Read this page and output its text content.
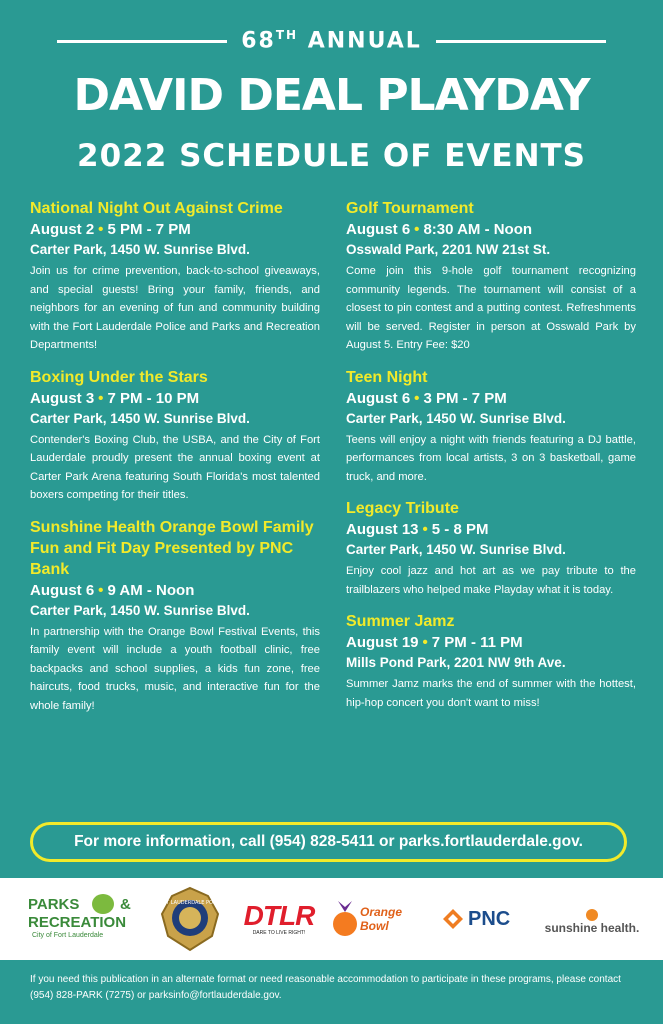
68TH ANNUAL
DAVID DEAL PLAYDAY
2022 SCHEDULE OF EVENTS
National Night Out Against Crime
August 2 • 5 PM - 7 PM
Carter Park, 1450 W. Sunrise Blvd.
Join us for crime prevention, back-to-school giveaways, and special guests! Bring your family, friends, and neighbors for an evening of fun and community building with the Fort Lauderdale Police and Parks and Recreation Departments!
Boxing Under the Stars
August 3 • 7 PM - 10 PM
Carter Park, 1450 W. Sunrise Blvd.
Contender's Boxing Club, the USBA, and the City of Fort Lauderdale proudly present the annual boxing event at Carter Park Arena featuring South Florida's most talented boxers competing for their titles.
Sunshine Health Orange Bowl Family Fun and Fit Day Presented by PNC Bank
August 6 • 9 AM - Noon
Carter Park, 1450 W. Sunrise Blvd.
In partnership with the Orange Bowl Festival Events, this family event will include a youth football clinic, free backpacks and school supplies, a kids fun zone, free haircuts, food trucks, music, and interactive fun for the whole family!
Golf Tournament
August 6 • 8:30 AM - Noon
Osswald Park, 2201 NW 21st St.
Come join this 9-hole golf tournament recognizing community legends. The tournament will consist of a closest to pin contest and a putting contest. Refreshments will be served. Register in person at Osswald Park by August 5. Entry Fee: $20
Teen Night
August 6 • 3 PM - 7 PM
Carter Park, 1450 W. Sunrise Blvd.
Teens will enjoy a night with friends featuring a DJ battle, performances from local artists, 3 on 3 basketball, game truck, and more.
Legacy Tribute
August 13 • 5 - 8 PM
Carter Park, 1450 W. Sunrise Blvd.
Enjoy cool jazz and hot art as we pay tribute to the trailblazers who helped make Playday what it is today.
Summer Jamz
August 19 • 7 PM - 11 PM
Mills Pond Park, 2201 NW 9th Ave.
Summer Jamz marks the end of summer with the hottest, hip-hop concert you don't want to miss!
For more information, call (954) 828-5411 or parks.fortlauderdale.gov.
PARKS	&
RECREATION
City of Fort Lauderdale
FORT LAUDERDALE POLICE DTLR
DARE TO LIVE RIGHT!
Orange Bowl	PNC	sunshine health.
If you need this publication in an alternate format or need reasonable accommodation to participate in these programs, please contact (954) 828-PARK (7275) or parksinfo@fortlauderdale.gov.
